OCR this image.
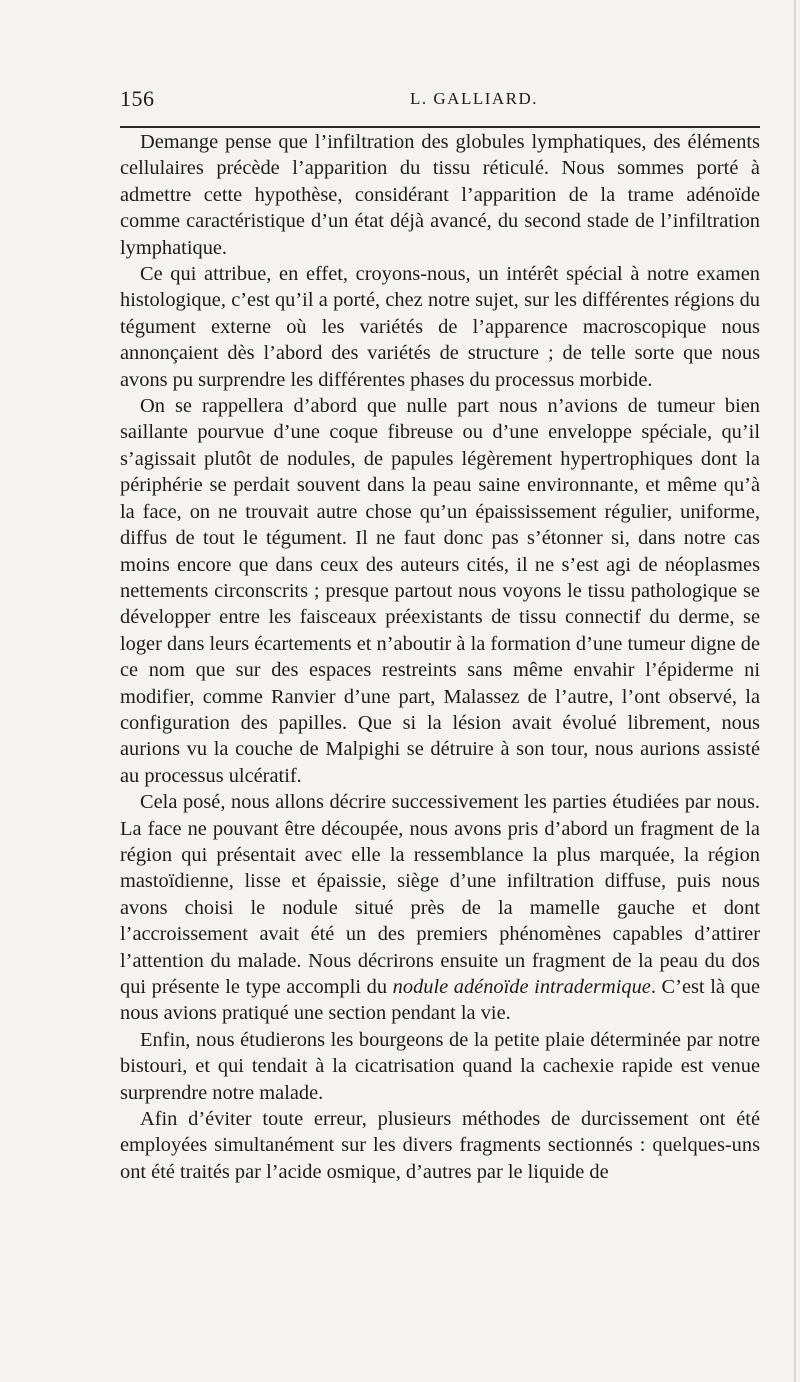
156	L. GALLIARD.

Demange pense que l’infiltration des globules lymphatiques, des éléments cellulaires précède l’apparition du tissu réticulé. Nous sommes porté à admettre cette hypothèse, considérant l’apparition de la trame adénoïde comme caractéristique d’un état déjà avancé, du second stade de l’infiltration lymphatique.

Ce qui attribue, en effet, croyons-nous, un intérêt spécial à notre examen histologique, c’est qu’il a porté, chez notre sujet, sur les différentes régions du tégument externe où les variétés de l’apparence macroscopique nous annonçaient dès l’abord des variétés de structure ; de telle sorte que nous avons pu surprendre les différentes phases du processus morbide.

On se rappellera d’abord que nulle part nous n’avions de tumeur bien saillante pourvue d’une coque fibreuse ou d’une enveloppe spéciale, qu’il s’agissait plutôt de nodules, de papules légèrement hypertrophiques dont la périphérie se perdait souvent dans la peau saine environnante, et même qu’à la face, on ne trouvait autre chose qu’un épaississement régulier, uniforme, diffus de tout le tégument. Il ne faut donc pas s’étonner si, dans notre cas moins encore que dans ceux des auteurs cités, il ne s’est agi de néoplasmes nettements circonscrits ; presque partout nous voyons le tissu pathologique se développer entre les faisceaux préexistants de tissu connectif du derme, se loger dans leurs écartements et n’aboutir à la formation d’une tumeur digne de ce nom que sur des espaces restreints sans même envahir l’épiderme ni modifier, comme Ranvier d’une part, Malassez de l’autre, l’ont observé, la configuration des papilles. Que si la lésion avait évolué librement, nous aurions vu la couche de Malpighi se détruire à son tour, nous aurions assisté au processus ulcératif.

Cela posé, nous allons décrire successivement les parties étudiées par nous. La face ne pouvant être découpée, nous avons pris d’abord un fragment de la région qui présentait avec elle la ressemblance la plus marquée, la région mastoïdienne, lisse et épaissie, siège d’une infiltration diffuse, puis nous avons choisi le nodule situé près de la mamelle gauche et dont l’accroissement avait été un des premiers phénomènes capables d’attirer l’attention du malade. Nous décrirons ensuite un fragment de la peau du dos qui présente le type accompli du nodule adénoïde intradermique. C’est là que nous avions pratiqué une section pendant la vie.

Enfin, nous étudierons les bourgeons de la petite plaie déterminée par notre bistouri, et qui tendait à la cicatrisation quand la cachexie rapide est venue surprendre notre malade.

Afin d’éviter toute erreur, plusieurs méthodes de durcissement ont été employées simultanément sur les divers fragments sectionnés : quelques-uns ont été traités par l’acide osmique, d’autres par le liquide de
